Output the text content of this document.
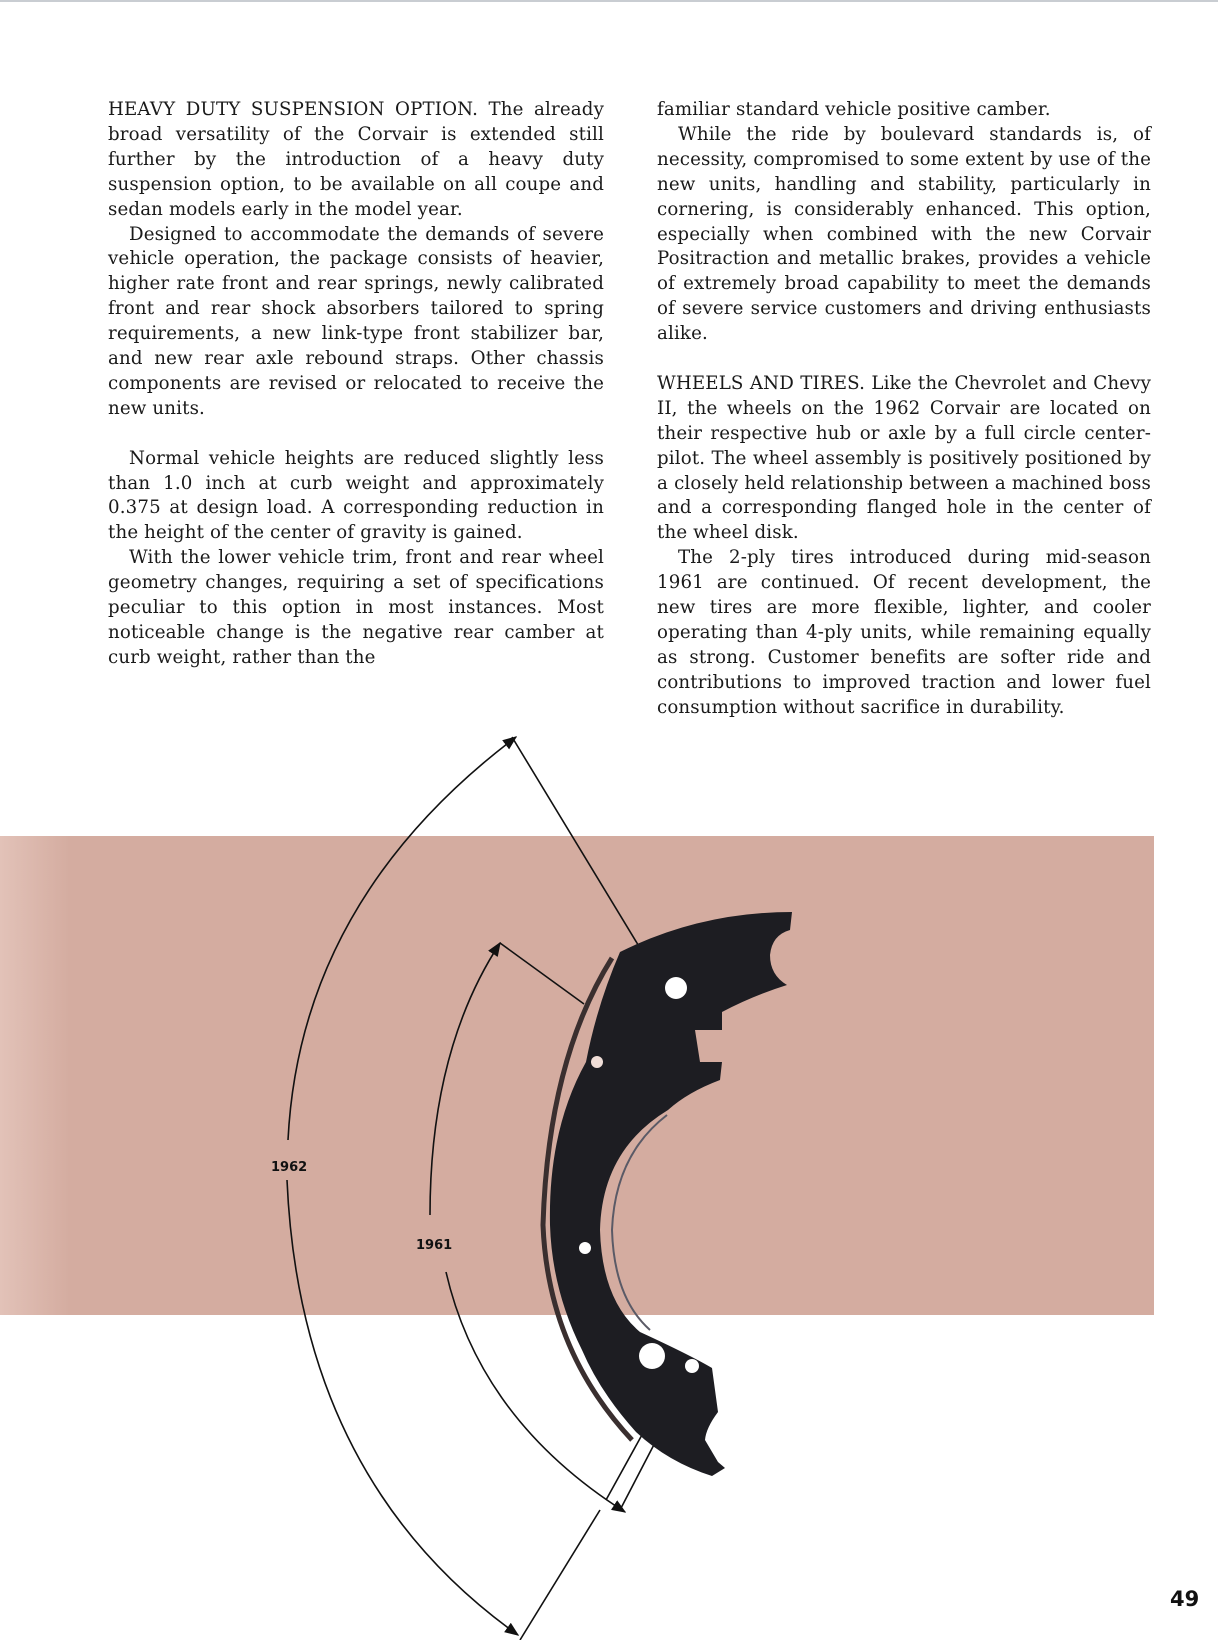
HEAVY DUTY SUSPENSION OPTION. The already broad versatility of the Corvair is extended still further by the introduction of a heavy duty suspension option, to be available on all coupe and sedan models early in the model year.

Designed to accommodate the demands of severe vehicle operation, the package consists of heavier, higher rate front and rear springs, newly calibrated front and rear shock absorbers tailored to spring requirements, a new link-type front stabilizer bar, and new rear axle rebound straps. Other chassis components are revised or relocated to receive the new units.

Normal vehicle heights are reduced slightly less than 1.0 inch at curb weight and approximately 0.375 at design load. A corresponding reduction in the height of the center of gravity is gained.

With the lower vehicle trim, front and rear wheel geometry changes, requiring a set of specifications peculiar to this option in most instances. Most noticeable change is the negative rear camber at curb weight, rather than the

familiar standard vehicle positive camber.

While the ride by boulevard standards is, of necessity, compromised to some extent by use of the new units, handling and stability, particularly in cornering, is considerably enhanced. This option, especially when combined with the new Corvair Positraction and metallic brakes, provides a vehicle of extremely broad capability to meet the demands of severe service customers and driving enthusiasts alike.

WHEELS AND TIRES. Like the Chevrolet and Chevy II, the wheels on the 1962 Corvair are located on their respective hub or axle by a full circle center-pilot. The wheel assembly is positively positioned by a closely held relationship between a machined boss and a corresponding flanged hole in the center of the wheel disk.

The 2-ply tires introduced during mid-season 1961 are continued. Of recent development, the new tires are more flexible, lighter, and cooler operating than 4-ply units, while remaining equally as strong. Customer benefits are softer ride and contributions to improved traction and lower fuel consumption without sacrifice in durability.

1962
1961
49
